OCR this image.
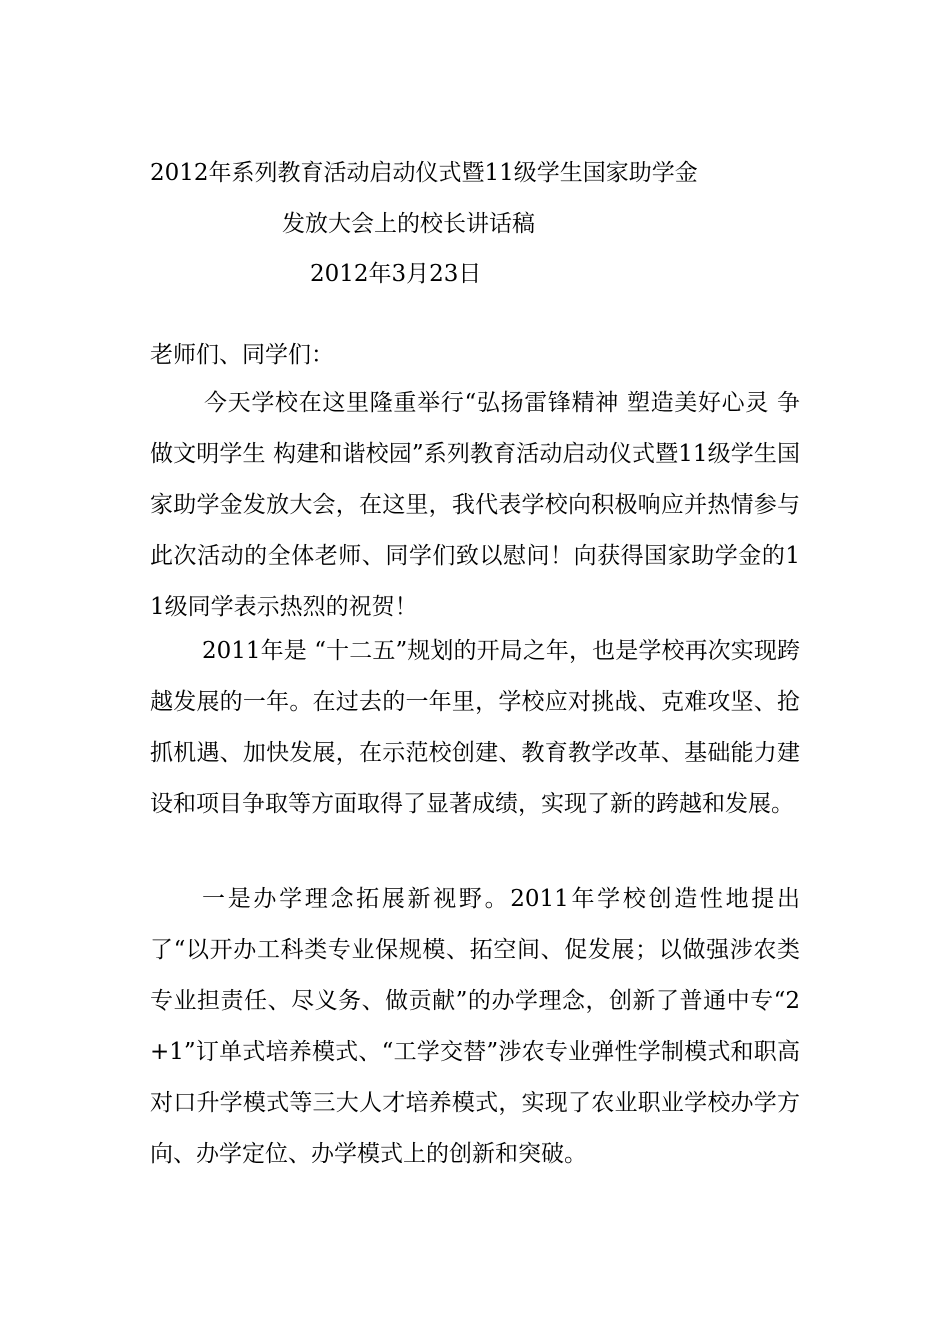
2012年系列教育活动启动仪式暨11级学生国家助学金
发放大会上的校长讲话稿
2012年3月23日
老师们、同学们：
今天学校在这里隆重举行“弘扬雷锋精神 塑造美好心灵 争做文明学生 构建和谐校园”系列教育活动启动仪式暨11级学生国家助学金发放大会，在这里，我代表学校向积极响应并热情参与此次活动的全体老师、同学们致以慰问！向获得国家助学金的11级同学表示热烈的祝贺！
2011年是 “十二五”规划的开局之年，也是学校再次实现跨越发展的一年。在过去的一年里，学校应对挑战、克难攻坚、抢抓机遇、加快发展，在示范校创建、教育教学改革、基础能力建设和项目争取等方面取得了显著成绩，实现了新的跨越和发展。
一是办学理念拓展新视野。2011年学校创造性地提出了“以开办工科类专业保规模、拓空间、促发展；以做强涉农类专业担责任、尽义务、做贡献”的办学理念，创新了普通中专“2+1”订单式培养模式、“工学交替”涉农专业弹性学制模式和职高对口升学模式等三大人才培养模式，实现了农业职业学校办学方向、办学定位、办学模式上的创新和突破。
